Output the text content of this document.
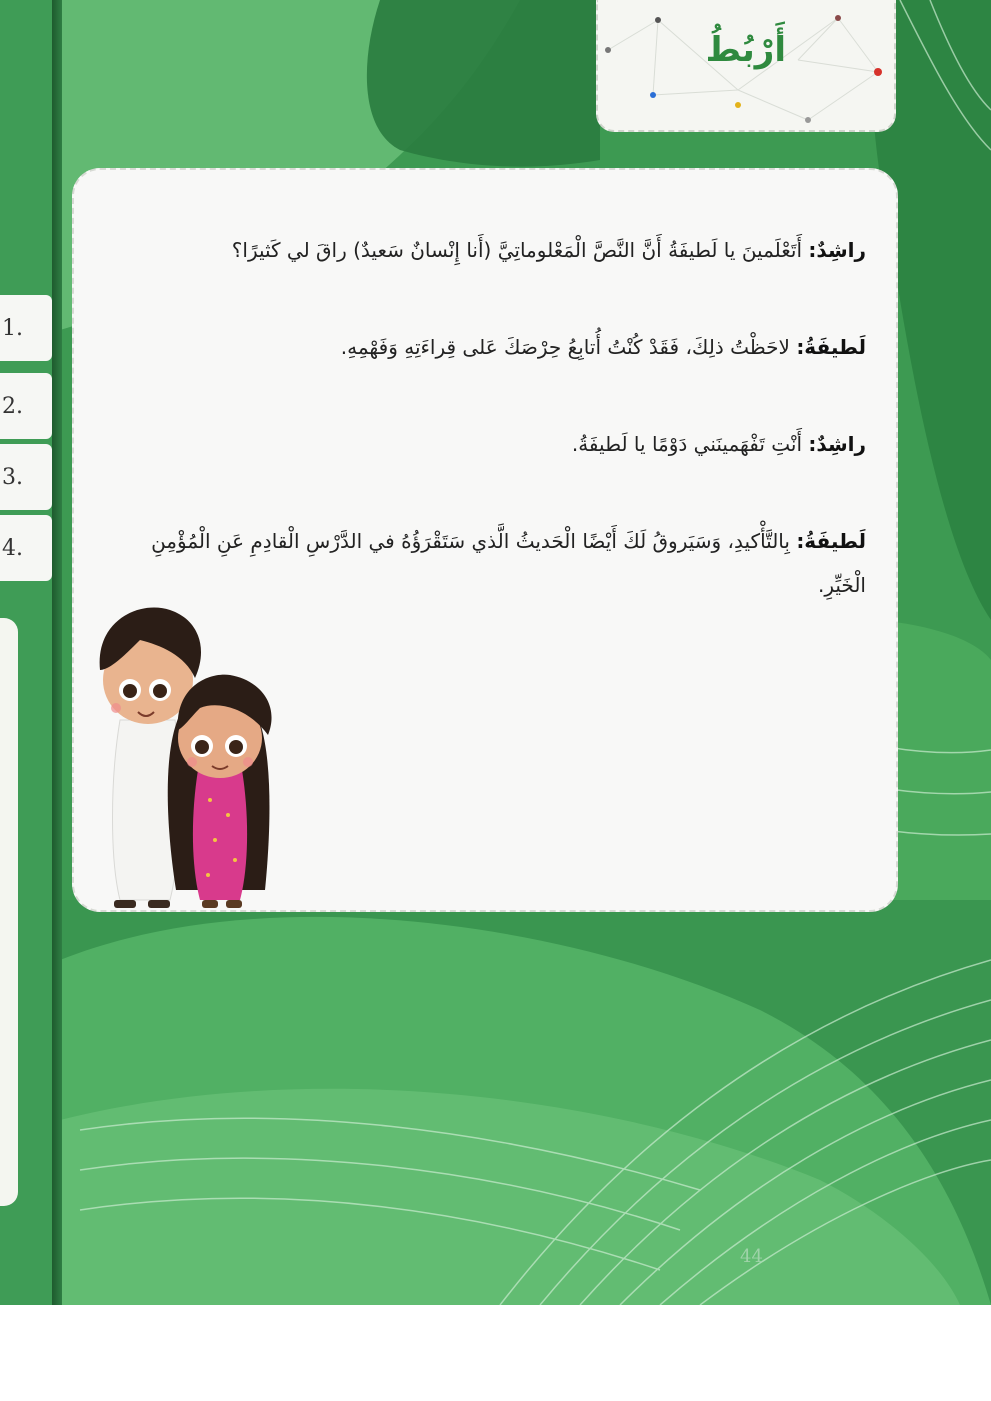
1.
2.
3.
4.
أَرْبُطُ
راشِدٌ: أَتَعْلَمينَ يا لَطيفَةُ أَنَّ النَّصَّ الْمَعْلوماتِيَّ (أَنا إِنْسانٌ سَعيدٌ) راقَ لي كَثيرًا؟
لَطيفَةُ: لاحَظْتُ ذلِكَ، فَقَدْ كُنْتُ أُتابِعُ حِرْصَكَ عَلى قِراءَتِهِ وَفَهْمِهِ.
راشِدٌ: أَنْتِ تَفْهَمينَني دَوْمًا يا لَطيفَةُ.
لَطيفَةُ: بِالتَّأْكيدِ، وَسَيَروقُ لَكَ أَيْضًا الْحَديثُ الَّذي سَتَقْرَؤُهُ في الدَّرْسِ الْقادِمِ عَنِ الْمُؤْمِنِ الْخَيِّرِ.
44
